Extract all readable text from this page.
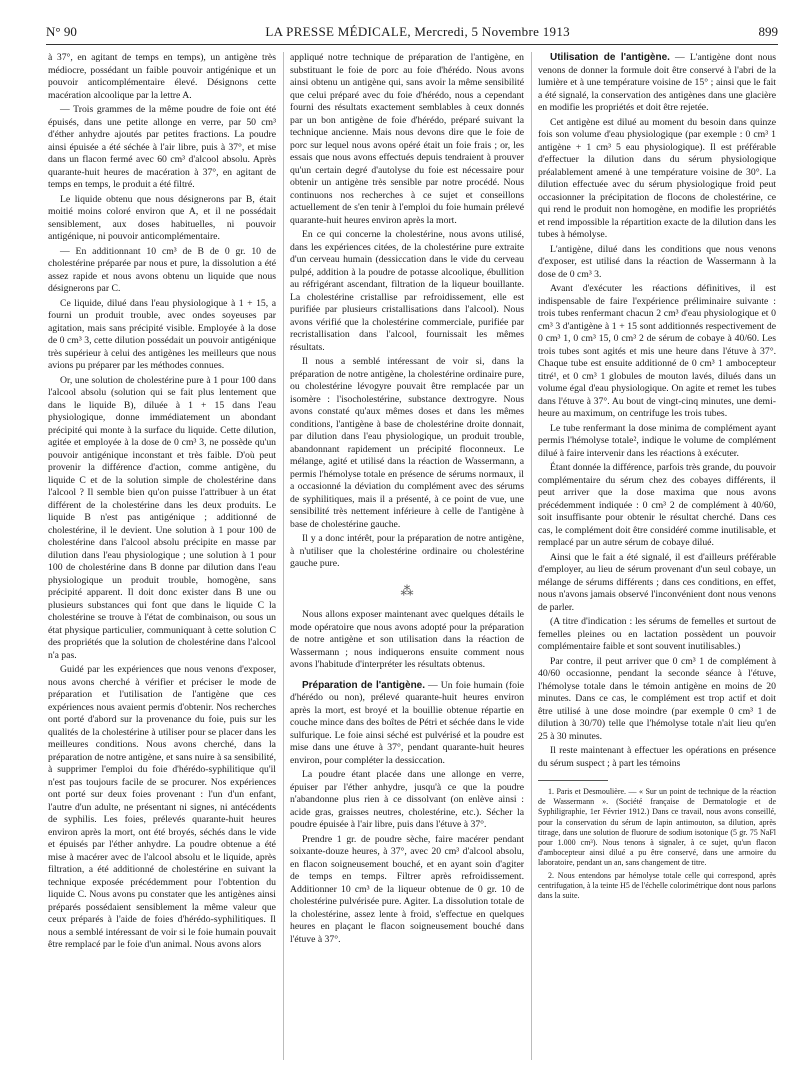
N° 90	LA PRESSE MÉDICALE, Mercredi, 5 Novembre 1913	899

à 37°, en agitant de temps en temps), un antigène très médiocre, possédant un faible pouvoir antigénique et un pouvoir anticomplémentaire élevé. Désignons cette macération alcoolique par la lettre A.

— Trois grammes de la même poudre de foie ont été épuisés, dans une petite allonge en verre, par 50 cm³ d'éther anhydre ajoutés par petites fractions. La poudre ainsi épuisée a été séchée à l'air libre, puis à 37°, et mise dans un flacon fermé avec 60 cm³ d'alcool absolu. Après quarante-huit heures de macération à 37°, en agitant de temps en temps, le produit a été filtré.

Le liquide obtenu que nous désignerons par B, était moitié moins coloré environ que A, et il ne possédait sensiblement, aux doses habituelles, ni pouvoir antigénique, ni pouvoir anticomplémentaire.

— En additionnant 10 cm³ de B de 0 gr. 10 de cholestérine préparée par nous et pure, la dissolution a été assez rapide et nous avons obtenu un liquide que nous désignerons par C.

Ce liquide, dilué dans l'eau physiologique à 1 + 15, a fourni un produit trouble, avec ondes soyeuses par agitation, mais sans précipité visible. Employée à la dose de 0 cm³ 3, cette dilution possédait un pouvoir antigénique très supérieur à celui des antigènes les meilleurs que nous avions pu préparer par les méthodes connues.

Or, une solution de cholestérine pure à 1 pour 100 dans l'alcool absolu (solution qui se fait plus lentement que dans le liquide B), diluée à 1 + 15 dans l'eau physiologique, donne immédiatement un abondant précipité qui monte à la surface du liquide. Cette dilution, agitée et employée à la dose de 0 cm³ 3, ne possède qu'un pouvoir antigénique inconstant et très faible. D'où peut provenir la différence d'action, comme antigène, du liquide C et de la solution simple de cholestérine dans l'alcool ? Il semble bien qu'on puisse l'attribuer à un état différent de la cholestérine dans les deux produits. Le liquide B n'est pas antigénique ; additionné de cholestérine, il le devient. Une solution à 1 pour 100 de cholestérine dans l'alcool absolu précipite en masse par dilution dans l'eau physiologique ; une solution à 1 pour 100 de cholestérine dans B donne par dilution dans l'eau physiologique un produit trouble, homogène, sans précipité apparent. Il doit donc exister dans B une ou plusieurs substances qui font que dans le liquide C la cholestérine se trouve à l'état de combinaison, ou sous un état physique particulier, communiquant à cette solution C des propriétés que la solution de cholestérine dans l'alcool n'a pas.

Guidé par les expériences que nous venons d'exposer, nous avons cherché à vérifier et préciser le mode de préparation et l'utilisation de l'antigène que ces expériences nous avaient permis d'obtenir. Nos recherches ont porté d'abord sur la provenance du foie, puis sur les qualités de la cholestérine à utiliser pour se placer dans les meilleures conditions. Nous avons cherché, dans la préparation de notre antigène, et sans nuire à sa sensibilité, à supprimer l'emploi du foie d'hérédo-syphilitique qu'il n'est pas toujours facile de se procurer. Nos expériences ont porté sur deux foies provenant : l'un d'un enfant, l'autre d'un adulte, ne présentant ni signes, ni antécédents de syphilis. Les foies, prélevés quarante-huit heures environ après la mort, ont été broyés, séchés dans le vide et épuisés par l'éther anhydre. La poudre obtenue a été mise à macérer avec de l'alcool absolu et le liquide, après filtration, a été additionné de cholestérine en suivant la technique exposée précédemment pour l'obtention du liquide C. Nous avons pu constater que les antigènes ainsi préparés possédaient sensiblement la même valeur que ceux préparés à l'aide de foies d'hérédo-syphilitiques. Il nous a semblé intéressant de voir si le foie humain pouvait être remplacé par le foie d'un animal. Nous avons alors

appliqué notre technique de préparation de l'antigène, en substituant le foie de porc au foie d'hérédo. Nous avons ainsi obtenu un antigène qui, sans avoir la même sensibilité que celui préparé avec du foie d'hérédo, nous a cependant fourni des résultats exactement semblables à ceux donnés par un bon antigène de foie d'hérédo, préparé suivant la technique ancienne. Mais nous devons dire que le foie de porc sur lequel nous avons opéré était un foie frais ; or, les essais que nous avons effectués depuis tendraient à prouver qu'un certain degré d'autolyse du foie est nécessaire pour obtenir un antigène très sensible par notre procédé. Nous continuons nos recherches à ce sujet et conseillons actuellement de s'en tenir à l'emploi du foie humain prélevé quarante-huit heures environ après la mort.

En ce qui concerne la cholestérine, nous avons utilisé, dans les expériences citées, de la cholestérine pure extraite d'un cerveau humain (dessiccation dans le vide du cerveau pulpé, addition à la poudre de potasse alcoolique, ébullition au réfrigérant ascendant, filtration de la liqueur bouillante. La cholestérine cristallise par refroidissement, elle est purifiée par plusieurs cristallisations dans l'alcool). Nous avons vérifié que la cholestérine commerciale, purifiée par recristallisation dans l'alcool, fournissait les mêmes résultats.

Il nous a semblé intéressant de voir si, dans la préparation de notre antigène, la cholestérine ordinaire pure, ou cholestérine lévogyre pouvait être remplacée par un isomère : l'isocholestérine, substance dextrogyre. Nous avons constaté qu'aux mêmes doses et dans les mêmes conditions, l'antigène à base de cholestérine droite donnait, par dilution dans l'eau physiologique, un produit trouble, abandonnant rapidement un précipité floconneux. Le mélange, agité et utilisé dans la réaction de Wassermann, a permis l'hémolyse totale en présence de sérums normaux, il a occasionné la déviation du complément avec des sérums de syphilitiques, mais il a présenté, à ce point de vue, une sensibilité très nettement inférieure à celle de l'antigène à base de cholestérine gauche.

Il y a donc intérêt, pour la préparation de notre antigène, à n'utiliser que la cholestérine ordinaire ou cholestérine gauche pure.

⁂

Nous allons exposer maintenant avec quelques détails le mode opératoire que nous avons adopté pour la préparation de notre antigène et son utilisation dans la réaction de Wassermann ; nous indiquerons ensuite comment nous avons l'habitude d'interpréter les résultats obtenus.

Préparation de l'antigène. — Un foie humain (foie d'hérédo ou non), prélevé quarante-huit heures environ après la mort, est broyé et la bouillie obtenue répartie en couche mince dans des boîtes de Pétri et séchée dans le vide sulfurique. Le foie ainsi séché est pulvérisé et la poudre est mise dans une étuve à 37°, pendant quarante-huit heures environ, pour compléter la dessiccation.

La poudre étant placée dans une allonge en verre, épuiser par l'éther anhydre, jusqu'à ce que la poudre n'abandonne plus rien à ce dissolvant (on enlève ainsi : acide gras, graisses neutres, cholestérine, etc.). Sécher la poudre épuisée à l'air libre, puis dans l'étuve à 37°.

Prendre 1 gr. de poudre sèche, faire macérer pendant soixante-douze heures, à 37°, avec 20 cm³ d'alcool absolu, en flacon soigneusement bouché, et en ayant soin d'agiter de temps en temps. Filtrer après refroidissement. Additionner 10 cm³ de la liqueur obtenue de 0 gr. 10 de cholestérine pulvérisée pure. Agiter. La dissolution totale de la cholestérine, assez lente à froid, s'effectue en quelques heures en plaçant le flacon soigneusement bouché dans l'étuve à 37°.

Utilisation de l'antigène. — L'antigène dont nous venons de donner la formule doit être conservé à l'abri de la lumière et à une température voisine de 15° ; ainsi que le fait a été signalé, la conservation des antigènes dans une glacière en modifie les propriétés et doit être rejetée.

Cet antigène est dilué au moment du besoin dans quinze fois son volume d'eau physiologique (par exemple : 0 cm³ 1 antigène + 1 cm³ 5 eau physiologique). Il est préférable d'effectuer la dilution dans du sérum physiologique préalablement amené à une température voisine de 30°. La dilution effectuée avec du sérum physiologique froid peut occasionner la précipitation de flocons de cholestérine, ce qui rend le produit non homogène, en modifie les propriétés et rend impossible la répartition exacte de la dilution dans les tubes à hémolyse.

L'antigène, dilué dans les conditions que nous venons d'exposer, est utilisé dans la réaction de Wassermann à la dose de 0 cm³ 3.

Avant d'exécuter les réactions définitives, il est indispensable de faire l'expérience préliminaire suivante : trois tubes renfermant chacun 2 cm³ d'eau physiologique et 0 cm³ 3 d'antigène à 1 + 15 sont additionnés respectivement de 0 cm³ 1, 0 cm³ 15, 0 cm³ 2 de sérum de cobaye à 40/60. Les trois tubes sont agités et mis une heure dans l'étuve à 37°. Chaque tube est ensuite additionné de 0 cm³ 1 ambocepteur titré¹, et 0 cm³ 1 globules de mouton lavés, dilués dans un volume égal d'eau physiologique. On agite et remet les tubes dans l'étuve à 37°. Au bout de vingt-cinq minutes, une demi-heure au maximum, on centrifuge les trois tubes.

Le tube renfermant la dose minima de complément ayant permis l'hémolyse totale², indique le volume de complément dilué à faire intervenir dans les réactions à exécuter.

Étant donnée la différence, parfois très grande, du pouvoir complémentaire du sérum chez des cobayes différents, il peut arriver que la dose maxima que nous avons précédemment indiquée : 0 cm³ 2 de complément à 40/60, soit insuffisante pour obtenir le résultat cherché. Dans ces cas, le complément doit être considéré comme inutilisable, et remplacé par un autre sérum de cobaye dilué.

Ainsi que le fait a été signalé, il est d'ailleurs préférable d'employer, au lieu de sérum provenant d'un seul cobaye, un mélange de sérums différents ; dans ces conditions, en effet, nous n'avons jamais observé l'inconvénient dont nous venons de parler.

(A titre d'indication : les sérums de femelles et surtout de femelles pleines ou en lactation possèdent un pouvoir complémentaire faible et sont souvent inutilisables.)

Par contre, il peut arriver que 0 cm³ 1 de complément à 40/60 occasionne, pendant la seconde séance à l'étuve, l'hémolyse totale dans le témoin antigène en moins de 20 minutes. Dans ce cas, le complément est trop actif et doit être utilisé à une dose moindre (par exemple 0 cm³ 1 de dilution à 30/70) telle que l'hémolyse totale n'ait lieu qu'en 25 à 30 minutes.

Il reste maintenant à effectuer les opérations en présence du sérum suspect ; à part les témoins

1. Paris et Desmoulière. — « Sur un point de technique de la réaction de Wassermann ». (Société française de Dermatologie et de Syphiligraphie, 1er Février 1912.) Dans ce travail, nous avons conseillé, pour la conservation du sérum de lapin antimouton, sa dilution, après titrage, dans une solution de fluorure de sodium isotonique (5 gr. 75 NaFl pour 1.000 cm³). Nous tenons à signaler, à ce sujet, qu'un flacon d'ambocepteur ainsi dilué a pu être conservé, dans une armoire du laboratoire, pendant un an, sans changement de titre.

2. Nous entendons par hémolyse totale celle qui correspond, après centrifugation, à la teinte H5 de l'échelle colorimétrique dont nous parlons dans la suite.
